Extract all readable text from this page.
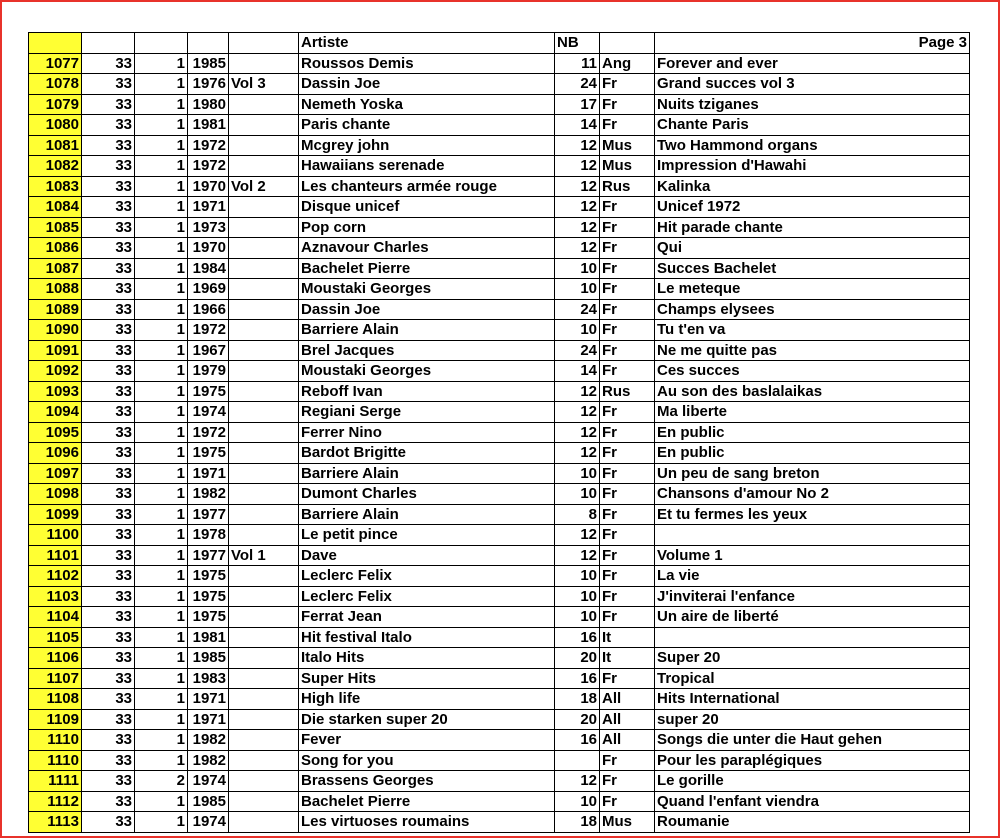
					Artiste	NB		Page 3
1077	33	1	1985		Roussos Demis	11	Ang	Forever and ever
1078	33	1	1976	Vol 3	Dassin Joe	24	Fr	Grand succes vol 3
1079	33	1	1980		Nemeth Yoska	17	Fr	Nuits tziganes
1080	33	1	1981		Paris chante	14	Fr	Chante Paris
1081	33	1	1972		Mcgrey john	12	Mus	Two Hammond organs
1082	33	1	1972		Hawaiians serenade	12	Mus	Impression d'Hawahi
1083	33	1	1970	Vol 2	Les chanteurs armée rouge	12	Rus	Kalinka
1084	33	1	1971		Disque unicef	12	Fr	Unicef 1972
1085	33	1	1973		Pop corn	12	Fr	Hit parade chante
1086	33	1	1970		Aznavour Charles	12	Fr	Qui
1087	33	1	1984		Bachelet Pierre	10	Fr	Succes Bachelet
1088	33	1	1969		Moustaki Georges	10	Fr	Le meteque
1089	33	1	1966		Dassin Joe	24	Fr	Champs elysees
1090	33	1	1972		Barriere Alain	10	Fr	Tu t'en va
1091	33	1	1967		Brel Jacques	24	Fr	Ne me quitte pas
1092	33	1	1979		Moustaki Georges	14	Fr	Ces succes
1093	33	1	1975		Reboff Ivan	12	Rus	Au son des baslalaikas
1094	33	1	1974		Regiani Serge	12	Fr	Ma liberte
1095	33	1	1972		Ferrer Nino	12	Fr	En public
1096	33	1	1975		Bardot Brigitte	12	Fr	En public
1097	33	1	1971		Barriere Alain	10	Fr	Un peu de sang breton
1098	33	1	1982		Dumont Charles	10	Fr	Chansons d'amour No 2
1099	33	1	1977		Barriere Alain	8	Fr	Et tu fermes les yeux
1100	33	1	1978		Le petit pince	12	Fr	
1101	33	1	1977	Vol 1	Dave	12	Fr	Volume 1
1102	33	1	1975		Leclerc Felix	10	Fr	La vie
1103	33	1	1975		Leclerc Felix	10	Fr	J'inviterai l'enfance
1104	33	1	1975		Ferrat Jean	10	Fr	Un aire de liberté
1105	33	1	1981		Hit festival Italo	16	It	
1106	33	1	1985		Italo Hits	20	It	Super 20
1107	33	1	1983		Super Hits	16	Fr	Tropical
1108	33	1	1971		High life	18	All	Hits International
1109	33	1	1971		Die starken super 20	20	All	super 20
1110	33	1	1982		Fever	16	All	Songs die unter die Haut gehen
1110	33	1	1982		Song for you		Fr	Pour les paraplégiques
1111	33	2	1974		Brassens Georges	12	Fr	Le gorille
1112	33	1	1985		Bachelet Pierre	10	Fr	Quand l'enfant viendra
1113	33	1	1974		Les virtuoses roumains	18	Mus	Roumanie
